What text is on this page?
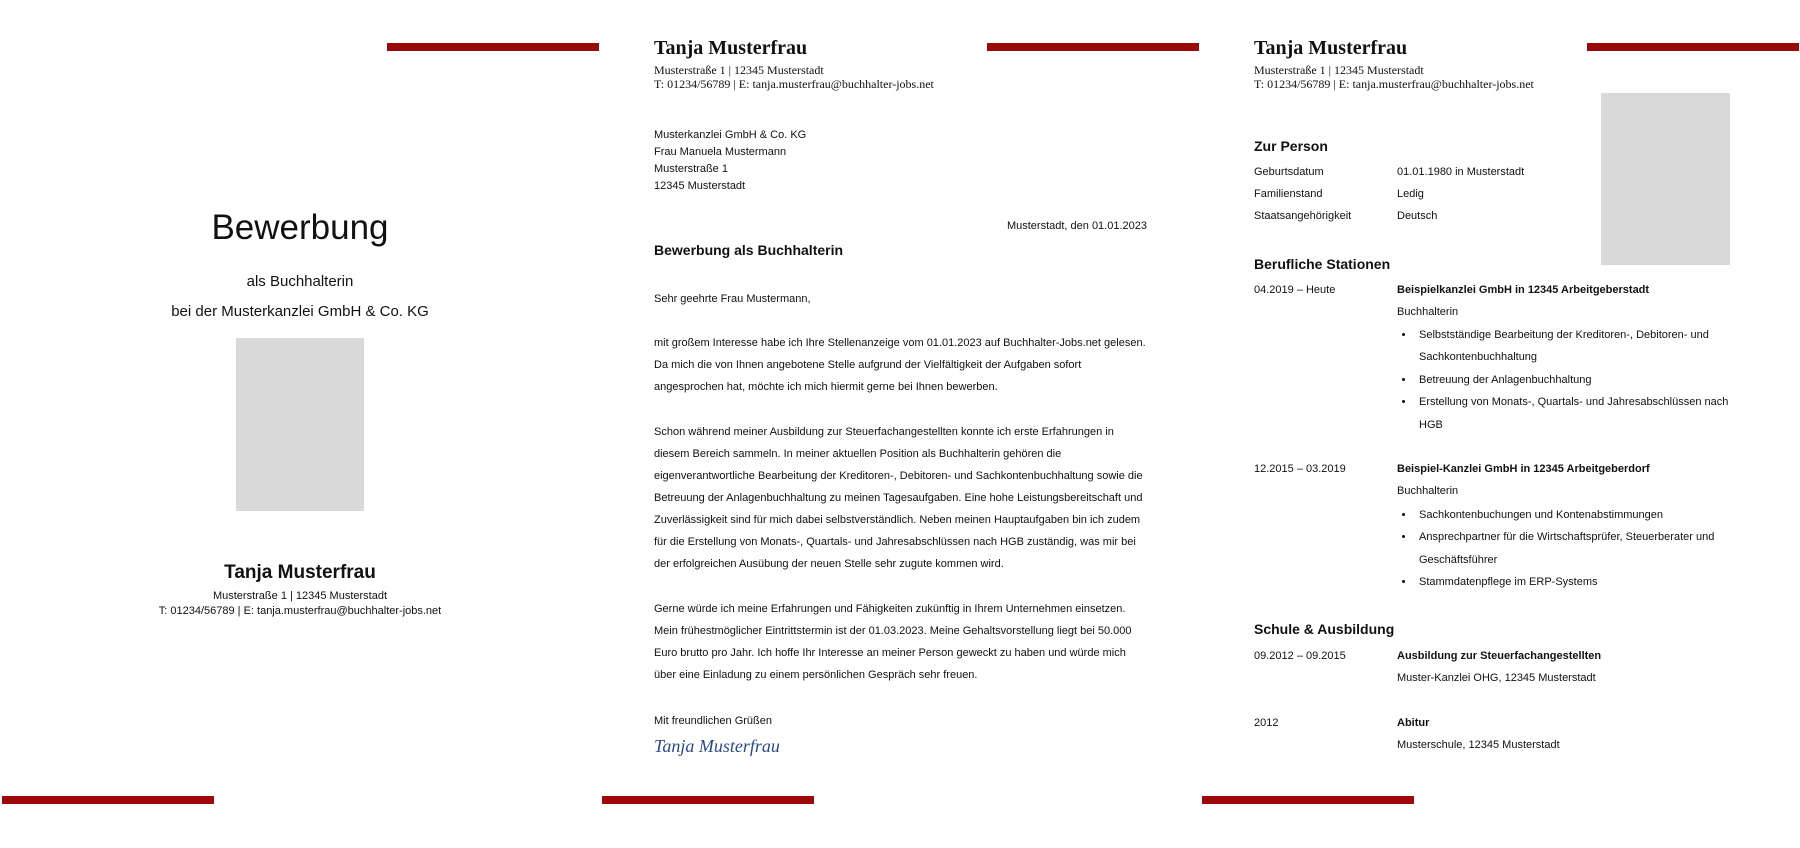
Bewerbung
als Buchhalterin
bei der Musterkanzlei GmbH & Co. KG
Tanja Musterfrau
Musterstraße 1 | 12345 Musterstadt
T: 01234/56789 | E: tanja.musterfrau@buchhalter-jobs.net
Tanja Musterfrau
Musterstraße 1 | 12345 Musterstadt
T: 01234/56789 | E: tanja.musterfrau@buchhalter-jobs.net
Musterkanzlei GmbH & Co. KG
Frau Manuela Mustermann
Musterstraße 1
12345 Musterstadt
Musterstadt, den 01.01.2023
Bewerbung als Buchhalterin
Sehr geehrte Frau Mustermann,
mit großem Interesse habe ich Ihre Stellenanzeige vom 01.01.2023 auf Buchhalter-Jobs.net gelesen. Da mich die von Ihnen angebotene Stelle aufgrund der Vielfältigkeit der Aufgaben sofort angesprochen hat, möchte ich mich hiermit gerne bei Ihnen bewerben.
Schon während meiner Ausbildung zur Steuerfachangestellten konnte ich erste Erfahrungen in diesem Bereich sammeln. In meiner aktuellen Position als Buchhalterin gehören die eigenverantwortliche Bearbeitung der Kreditoren-, Debitoren- und Sachkontenbuchhaltung sowie die Betreuung der Anlagenbuchhaltung zu meinen Tagesaufgaben. Eine hohe Leistungsbereitschaft und Zuverlässigkeit sind für mich dabei selbstverständlich. Neben meinen Hauptaufgaben bin ich zudem für die Erstellung von Monats-, Quartals- und Jahresabschlüssen nach HGB zuständig, was mir bei der erfolgreichen Ausübung der neuen Stelle sehr zugute kommen wird.
Gerne würde ich meine Erfahrungen und Fähigkeiten zukünftig in Ihrem Unternehmen einsetzen. Mein frühestmöglicher Eintrittstermin ist der 01.03.2023. Meine Gehaltsvorstellung liegt bei 50.000 Euro brutto pro Jahr. Ich hoffe Ihr Interesse an meiner Person geweckt zu haben und würde mich über eine Einladung zu einem persönlichen Gespräch sehr freuen.
Mit freundlichen Grüßen
Tanja Musterfrau
Tanja Musterfrau
Musterstraße 1 | 12345 Musterstadt
T: 01234/56789 | E: tanja.musterfrau@buchhalter-jobs.net
Zur Person
Geburtsdatum	01.01.1980 in Musterstadt
Familienstand	Ledig
Staatsangehörigkeit	Deutsch
Berufliche Stationen
04.2019 – Heute	Beispielkanzlei GmbH in 12345 Arbeitgeberstadt
Buchhalterin
• Selbstständige Bearbeitung der Kreditoren-, Debitoren- und Sachkontenbuchhaltung
• Betreuung der Anlagenbuchhaltung
• Erstellung von Monats-, Quartals- und Jahresabschlüssen nach HGB
12.2015 – 03.2019	Beispiel-Kanzlei GmbH in 12345 Arbeitgeberdorf
Buchhalterin
• Sachkontenbuchungen und Kontenabstimmungen
• Ansprechpartner für die Wirtschaftsprüfer, Steuerberater und Geschäftsführer
• Stammdatenpflege im ERP-Systems
Schule & Ausbildung
09.2012 – 09.2015	Ausbildung zur Steuerfachangestellten
Muster-Kanzlei OHG, 12345 Musterstadt
2012	Abitur
Musterschule, 12345 Musterstadt
